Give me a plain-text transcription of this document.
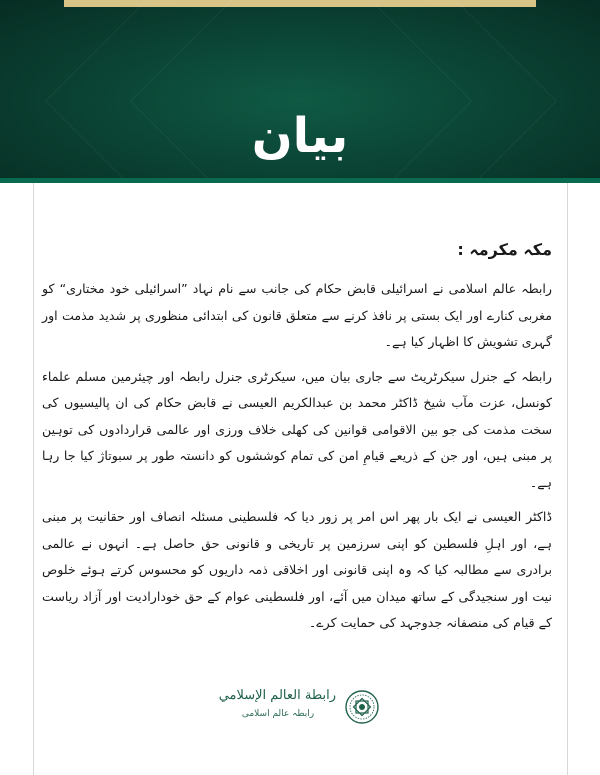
بیان
مکہ مکرمہ :

رابطہ عالم اسلامی نے اسرائیلی قابض حکام کی جانب سے نام نہاد ”اسرائیلی خود مختاری“ کو مغربی کنارے اور ایک بستی پر نافذ کرنے سے متعلق قانون کی ابتدائی منظوری پر شدید مذمت اور گہری تشویش کا اظہار کیا ہے۔

رابطہ کے جنرل سیکرٹریٹ سے جاری بیان میں، سیکرٹری جنرل رابطہ اور چیئرمین مسلم علماء کونسل، عزت مآب شیخ ڈاکٹر محمد بن عبدالکریم العیسی نے قابض حکام کی ان پالیسیوں کی سخت مذمت کی جو بین الاقوامی قوانین کی کھلی خلاف ورزی اور عالمی قراردادوں کی توہین پر مبنی ہیں، اور جن کے ذریعے قیامِ امن کی تمام کوششوں کو دانستہ طور پر سبوتاژ کیا جا رہا ہے۔

ڈاکٹر العیسی نے ایک بار پھر اس امر پر زور دیا کہ فلسطینی مسئلہ انصاف اور حقانیت پر مبنی ہے، اور اہلِ فلسطین کو اپنی سرزمین پر تاریخی و قانونی حق حاصل ہے۔ انہوں نے عالمی برادری سے مطالبہ کیا کہ وہ اپنی قانونی اور اخلاقی ذمہ داریوں کو محسوس کرتے ہوئے خلوص نیت اور سنجیدگی کے ساتھ میدان میں آئے، اور فلسطینی عوام کے حق خودارادیت اور آزاد ریاست کے قیام کی منصفانہ جدوجہد کی حمایت کرے۔

رابطة العالم الإسلامي
رابطہ عالم اسلامی
